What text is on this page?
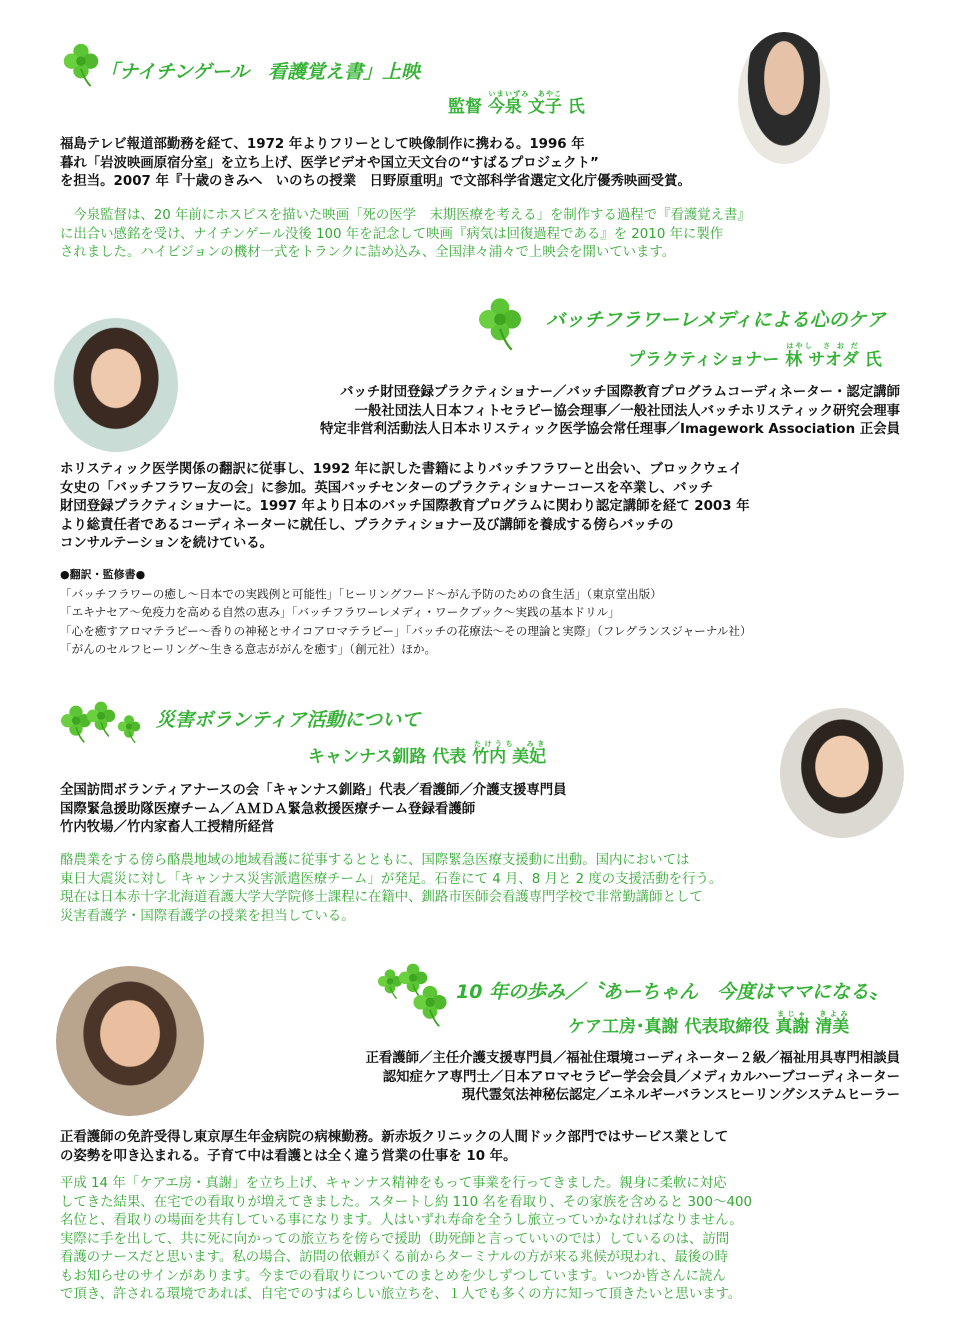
「ナイチンゲール　看護覚え書」上映
監督 今泉 文子いまいずみ　あやこ 氏
福島テレビ報道部勤務を経て、1972 年よりフリーとして映像制作に携わる。1996 年
暮れ「岩波映画原宿分室」を立ち上げ、医学ビデオや国立天文台の“すばるプロジェクト”
を担当。2007 年『十歳のきみへ　いのちの授業　日野原重明』で文部科学省選定文化庁優秀映画受賞。
　今泉監督は、20 年前にホスピスを描いた映画「死の医学　末期医療を考える」を制作する過程で『看護覚え書』
に出合い感銘を受け、ナイチンゲール没後 100 年を記念して映画『病気は回復過程である』を 2010 年に製作
されました。ハイビジョンの機材一式をトランクに詰め込み、全国津々浦々で上映会を開いています。
バッチフラワーレメディによる心のケア
プラクティショナー 林 サオダはやし　さ お だ 氏
バッチ財団登録プラクティショナー／バッチ国際教育プログラムコーディネーター・認定講師
一般社団法人日本フィトセラピー協会理事／一般社団法人バッチホリスティック研究会理事
特定非営利活動法人日本ホリスティック医学協会常任理事／Imagework Association 正会員
ホリスティック医学関係の翻訳に従事し、1992 年に訳した書籍によりバッチフラワーと出会い、ブロックウェイ
女史の「バッチフラワー友の会」に参加。英国バッチセンターのプラクティショナーコースを卒業し、バッチ
財団登録プラクティショナーに。1997 年より日本のバッチ国際教育プログラムに関わり認定講師を経て 2003 年
より総責任者であるコーディネーターに就任し、プラクティショナー及び講師を養成する傍らバッチの
コンサルテーションを続けている。
●翻訳・監修書●
「バッチフラワーの癒し～日本での実践例と可能性」「ヒーリングフード～がん予防のための食生活」（東京堂出版）
「エキナセア～免疫力を高める自然の恵み」「バッチフラワーレメディ・ワークブック～実践の基本ドリル」
「心を癒すアロマテラピー～香りの神秘とサイコアロマテラピー」「バッチの花療法～その理論と実際」（フレグランスジャーナル社）
「がんのセルフヒーリング～生きる意志ががんを癒す」（創元社）ほか。
災害ボランティア活動について
キャンナス釧路 代表 竹内 美妃たけうち　みき
全国訪問ボランティアナースの会「キャンナス釧路」代表／看護師／介護支援専門員
国際緊急援助隊医療チーム／ＡＭＤＡ緊急救援医療チーム登録看護師
竹内牧場／竹内家畜人工授精所経営
酪農業をする傍ら酪農地域の地域看護に従事するとともに、国際緊急医療支援動に出動。国内においては
東日大震災に対し「キャンナス災害派遣医療チーム」が発足。石巻にて 4 月、8 月と 2 度の支援活動を行う。
現在は日本赤十字北海道看護大学大学院修士課程に在籍中、釧路市医師会看護専門学校で非常勤講師として
災害看護学・国際看護学の授業を担当している。
10 年の歩み／〝あーちゃん　今度はママになる〟
ケア工房･真謝 代表取締役 真謝 清美まじゃ　きよみ
正看護師／主任介護支援専門員／福祉住環境コーディネーター２級／福祉用具専門相談員
認知症ケア専門士／日本アロマセラピー学会会員／メディカルハーブコーディネーター
現代霊気法神秘伝認定／エネルギーバランスヒーリングシステムヒーラー
正看護師の免許受得し東京厚生年金病院の病棟勤務。新赤坂クリニックの人間ドック部門ではサービス業として
の姿勢を叩き込まれる。子育て中は看護とは全く違う営業の仕事を 10 年。
平成 14 年「ケアエ房・真謝」を立ち上げ、キャンナス精神をもって事業を行ってきました。親身に柔軟に対応
してきた結果、在宅での看取りが増えてきました。スタートし約 110 名を看取り、その家族を含めると 300～400
名位と、看取りの場面を共有している事になります。人はいずれ寿命を全うし旅立っていかなければなりません。
実際に手を出して、共に死に向かっての旅立ちを傍らで援助（助死師と言っていいのでは）しているのは、訪問
看護のナースだと思います。私の場合、訪問の依頼がくる前からターミナルの方が来る兆候が現われ、最後の時
もお知らせのサインがあります。今までの看取りについてのまとめを少しずつしています。いつか皆さんに読ん
で頂き、許される環境であれば、自宅でのすばらしい旅立ちを、１人でも多くの方に知って頂きたいと思います。
